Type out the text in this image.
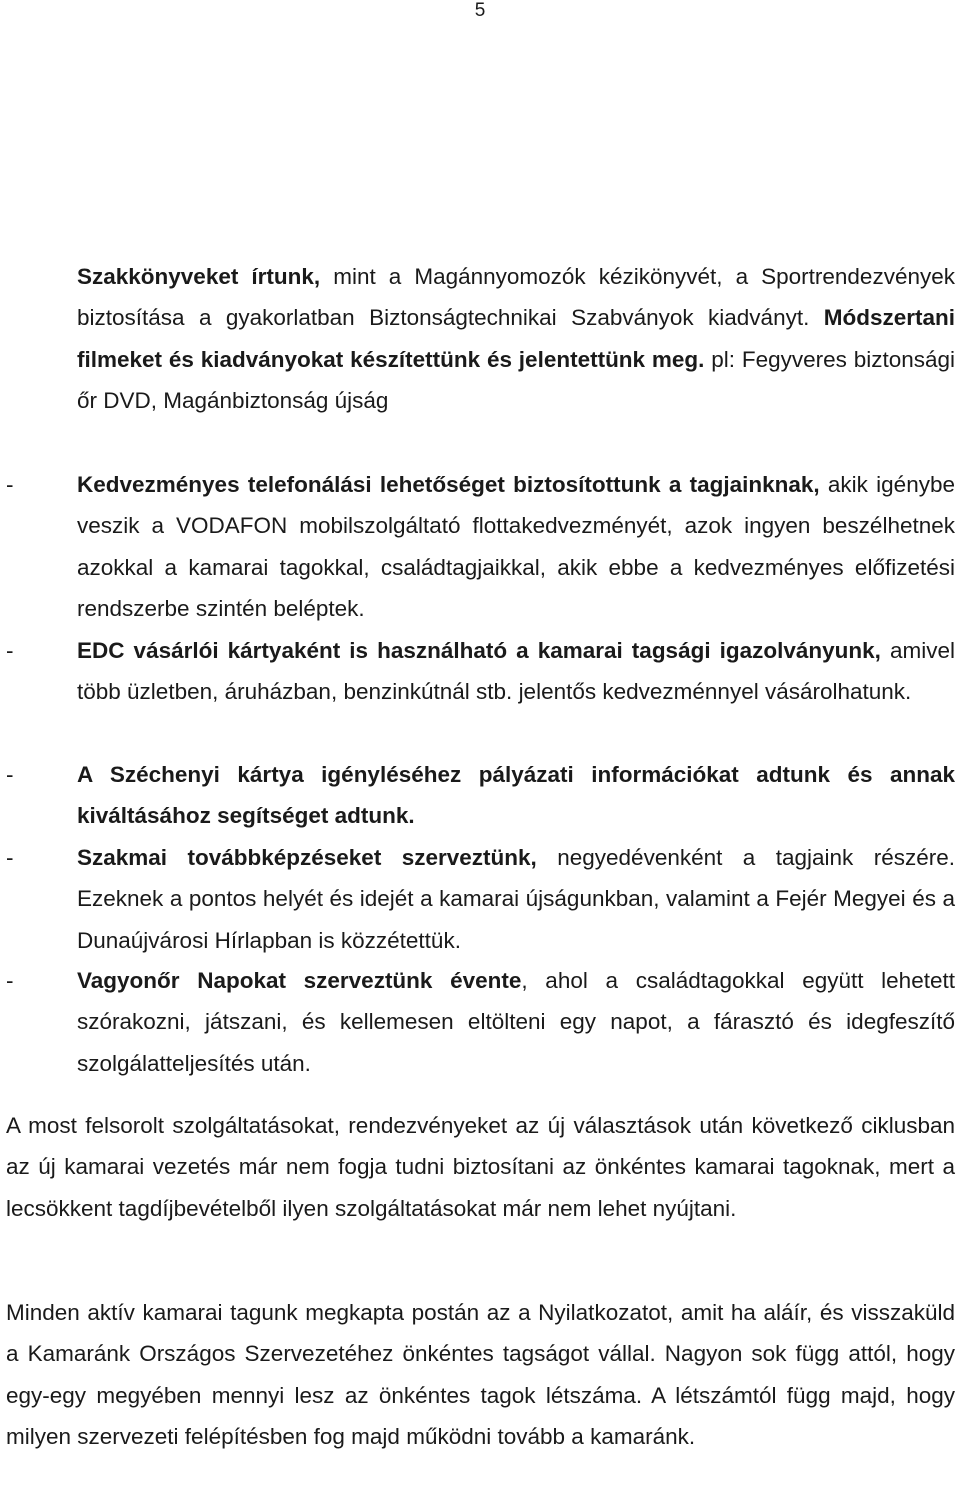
5

Szakkönyveket írtunk, mint a Magánnyomozók kézikönyvét, a Sportrendezvények biztosítása a gyakorlatban Biztonságtechnikai Szabványok kiadványt. Módszertani filmeket és kiadványokat készítettünk és jelentettünk meg. pl: Fegyveres biztonsági őr DVD, Magánbiztonság újság

-	Kedvezményes telefonálási lehetőséget biztosítottunk a tagjainknak, akik igénybe veszik a VODAFON mobilszolgáltató flottakedvezményét, azok ingyen beszélhetnek azokkal a kamarai tagokkal, családtagjaikkal, akik ebbe a kedvezményes előfizetési rendszerbe szintén beléptek.
-	EDC vásárlói kártyaként is használható a kamarai tagsági igazolványunk, amivel több üzletben, áruházban, benzinkútnál stb. jelentős kedvezménnyel vásárolhatunk.
-	A Széchenyi kártya igényléséhez pályázati információkat adtunk és annak kiváltásához segítséget adtunk.
-	Szakmai továbbképzéseket szerveztünk, negyedévenként a tagjaink részére. Ezeknek a pontos helyét és idejét a kamarai újságunkban, valamint a Fejér Megyei és a Dunaújvárosi Hírlapban is közzétettük.
-	Vagyonőr Napokat szerveztünk évente, ahol a családtagokkal együtt lehetett szórakozni, játszani, és kellemesen eltölteni egy napot, a fárasztó és idegfeszítő szolgálatteljesítés után.

A most felsorolt szolgáltatásokat, rendezvényeket az új választások után következő ciklusban az új kamarai vezetés már nem fogja tudni biztosítani az önkéntes kamarai tagoknak, mert a lecsökkent tagdíjbevételből ilyen szolgáltatásokat már nem lehet nyújtani.

Minden aktív kamarai tagunk megkapta postán az a Nyilatkozatot, amit ha aláír, és visszaküld a Kamaránk Országos Szervezetéhez önkéntes tagságot vállal. Nagyon sok függ attól, hogy egy-egy megyében mennyi lesz az önkéntes tagok létszáma. A létszámtól függ majd, hogy milyen szervezeti felépítésben fog majd működni tovább a kamaránk.
